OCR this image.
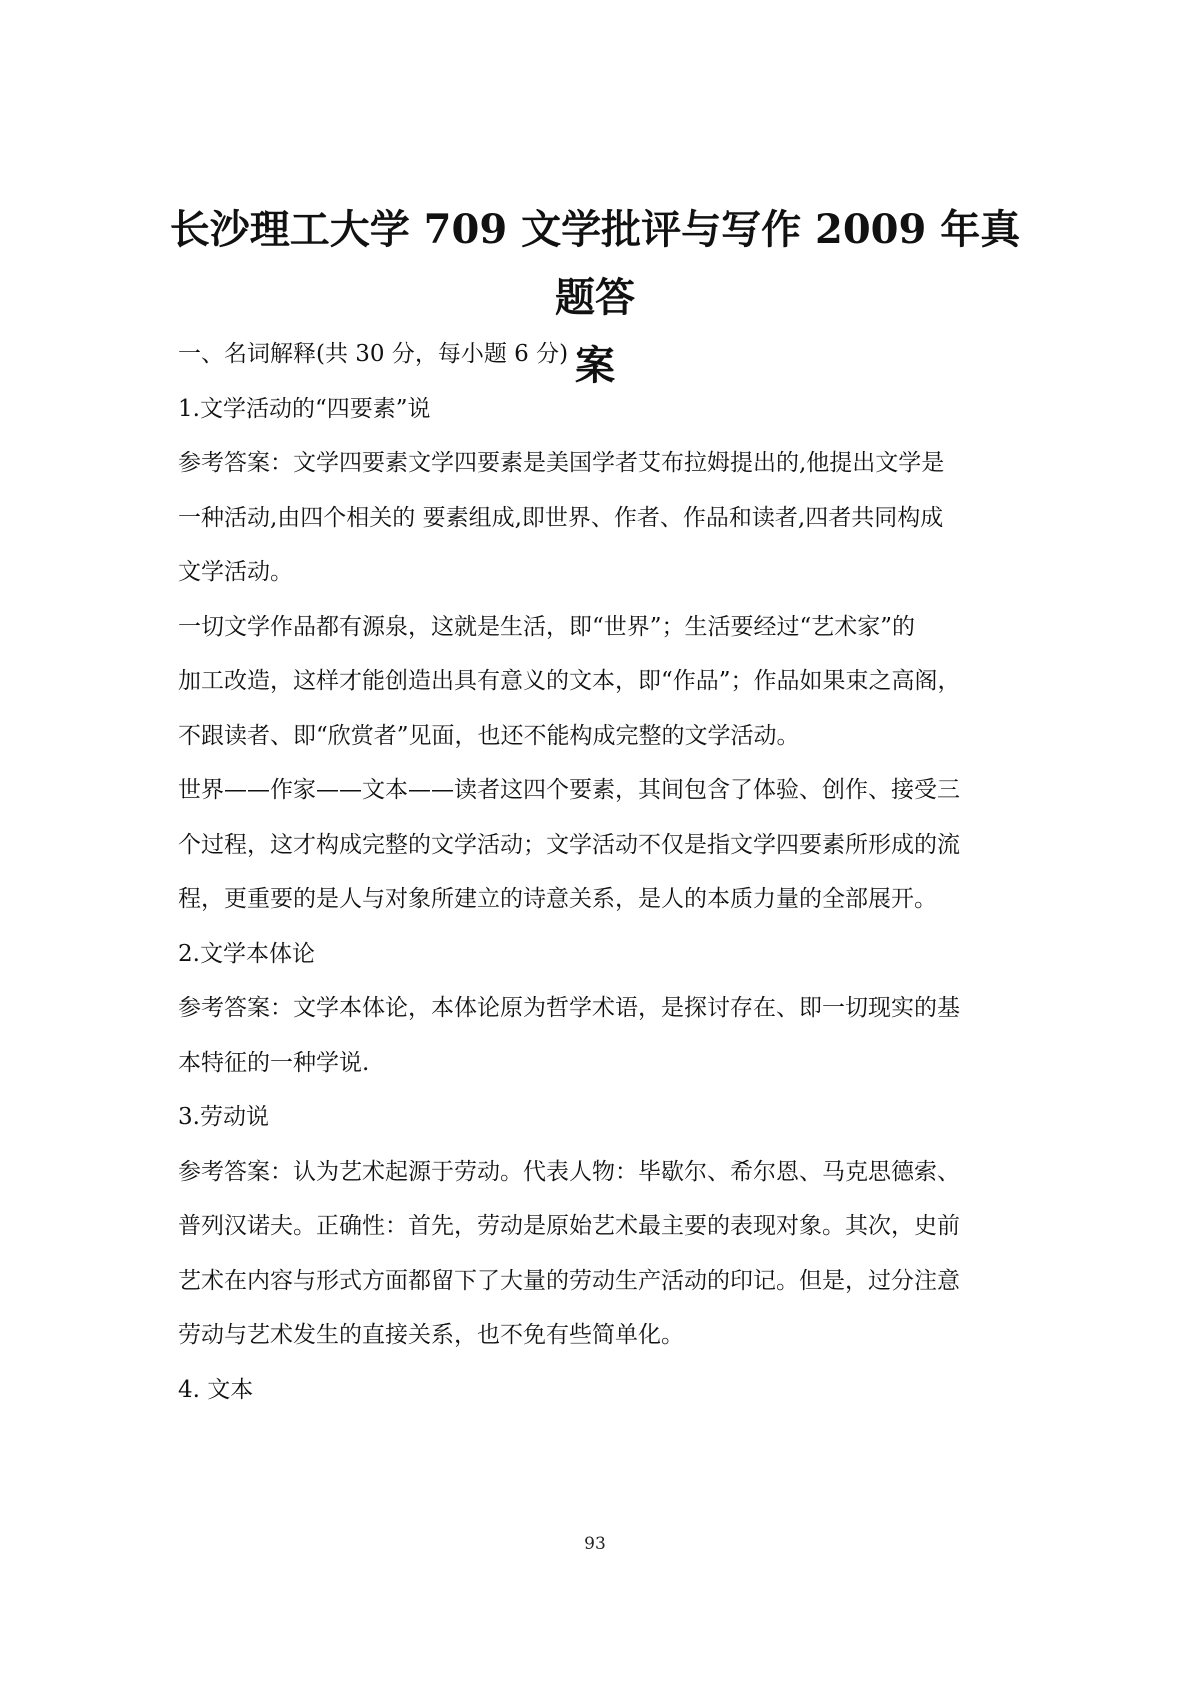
长沙理工大学 709 文学批评与写作 2009 年真题答
案

一、名词解释(共 30 分，每小题 6 分)

1.文学活动的“四要素”说

参考答案：文学四要素文学四要素是美国学者艾布拉姆提出的,他提出文学是

一种活动,由四个相关的 要素组成,即世界、作者、作品和读者,四者共同构成

文学活动。

一切文学作品都有源泉，这就是生活，即“世界”；生活要经过“艺术家”的

加工改造，这样才能创造出具有意义的文本，即“作品”；作品如果束之高阁，

不跟读者、即“欣赏者”见面，也还不能构成完整的文学活动。

世界——作家——文本——读者这四个要素，其间包含了体验、创作、接受三

个过程，这才构成完整的文学活动；文学活动不仅是指文学四要素所形成的流

程，更重要的是人与对象所建立的诗意关系，是人的本质力量的全部展开。

2.文学本体论

参考答案：文学本体论，本体论原为哲学术语，是探讨存在、即一切现实的基

本特征的一种学说.

3.劳动说

参考答案：认为艺术起源于劳动。代表人物：毕歇尔、希尔恩、马克思德索、

普列汉诺夫。正确性：首先，劳动是原始艺术最主要的表现对象。其次，史前

艺术在内容与形式方面都留下了大量的劳动生产活动的印记。但是，过分注意

劳动与艺术发生的直接关系，也不免有些简单化。

4. 文本

93
